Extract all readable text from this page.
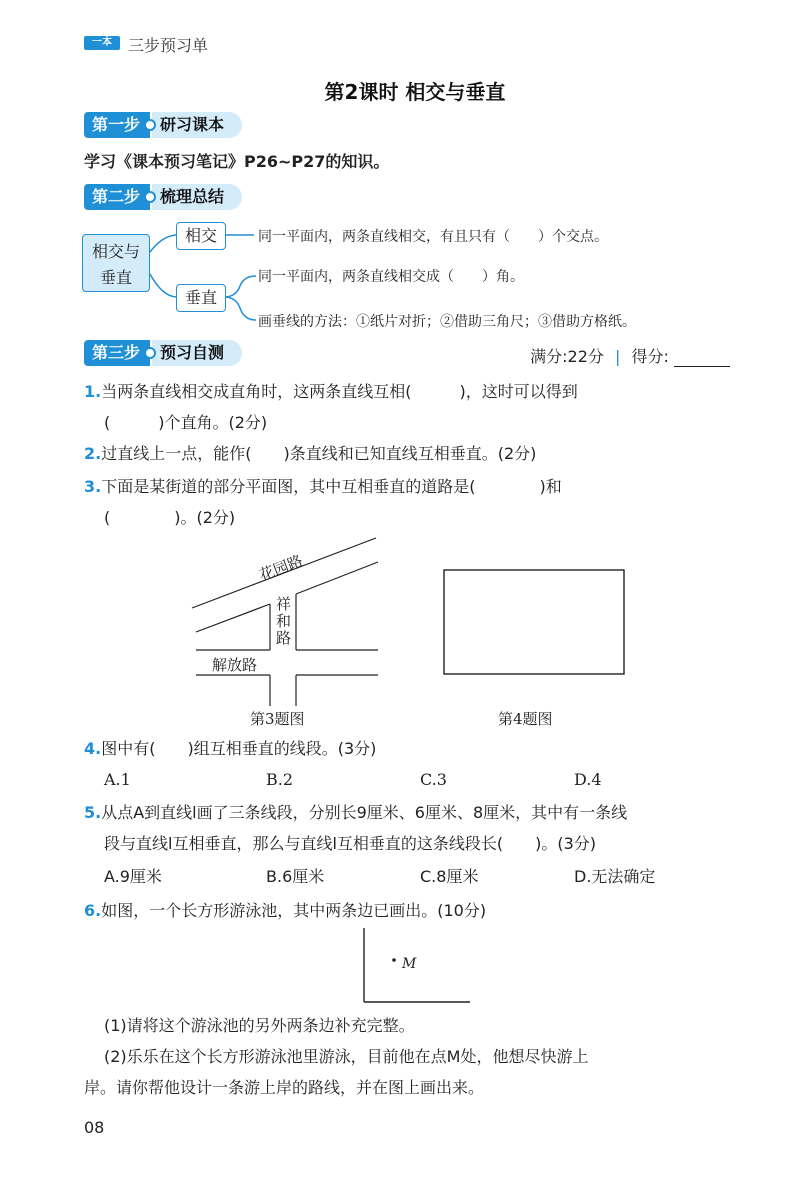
一本	三步预习单
第2课时 相交与垂直
第一步	研习课本
学习《课本预习笔记》P26~P27的知识。
第二步	梳理总结
相交与
垂直
相交
垂直
同一平面内，两条直线相交，有且只有（　　）个交点。
同一平面内，两条直线相交成（　　）角。
画垂线的方法：①纸片对折；②借助三角尺；③借助方格纸。
第三步	预习自测	满分:22分 | 得分:
1.当两条直线相交成直角时，这两条直线互相(　　　)，这时可以得到
(　　　)个直角。(2分)
2.过直线上一点，能作(　　)条直线和已知直线互相垂直。(2分)
3.下面是某街道的部分平面图，其中互相垂直的道路是(　　　　)和
(　　　　)。(2分)
花园路
祥和路
解放路
第3题图	第4题图
4.图中有(　　)组互相垂直的线段。(3分)
A.1	B.2	C.3	D.4
5.从点A到直线l画了三条线段，分别长9厘米、6厘米、8厘米，其中有一条线
段与直线l互相垂直，那么与直线l互相垂直的这条线段长(　　)。(3分)
A.9厘米	B.6厘米	C.8厘米	D.无法确定
6.如图，一个长方形游泳池，其中两条边已画出。(10分)
M
(1)请将这个游泳池的另外两条边补充完整。
(2)乐乐在这个长方形游泳池里游泳，目前他在点M处，他想尽快游上
岸。请你帮他设计一条游上岸的路线，并在图上画出来。
08
